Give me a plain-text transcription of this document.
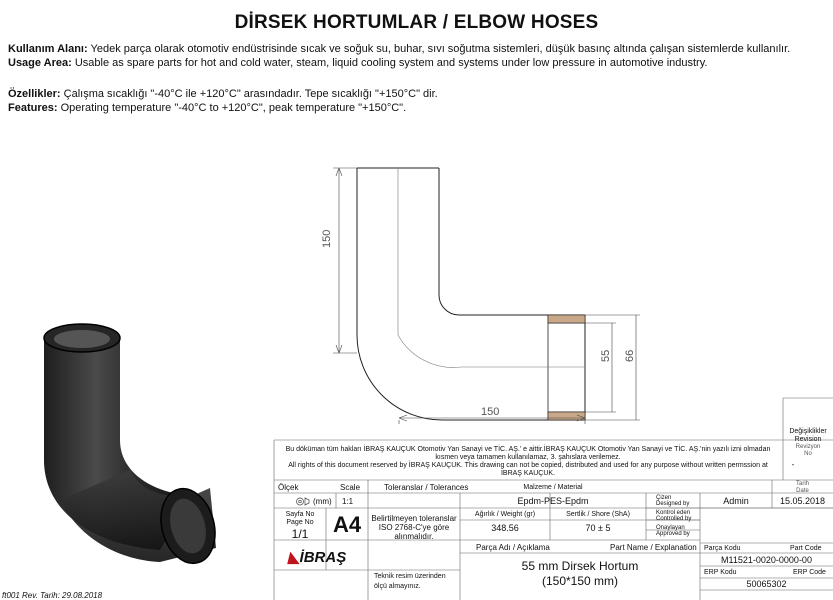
DİRSEK HORTUMLAR / ELBOW HOSES
Kullanım Alanı: Yedek parça olarak otomotiv endüstrisinde sıcak ve soğuk su, buhar, sıvı soğutma sistemleri, düşük basınç altında çalışan sistemlerde kullanılır.
Usage Area: Usable as spare parts for hot and cold water, steam, liquid cooling system and systems under low pressure in automotive industry.
Özellikler: Çalışma sıcaklığı "-40°C ile +120°C" arasındadır. Tepe sıcaklığı "+150°C" dir.
Features: Operating temperature "-40°C to +120°C", peak temperature "+150°C".
150
150
55 66
Değişiklikler
Revision
Revizyon
No
-
Bu döküman tüm hakları İBRAŞ KAUÇUK Otomotiv Yan Sanayi ve TİC. AŞ.' e aittir.İBRAŞ KAUÇUK Otomotiv Yan Sanayi ve TİC. AŞ.'nin yazılı izni olmadan kısmen veya tamamen kullanılamaz, 3. şahıslara verilemez.
All rights of this document reserved by İBRAŞ KAUÇUK. This drawing can not be copied, distributed and used for any purpose without written permssion at İBRAŞ KAUÇUK.
Ölçek	Scale
(mm) 1:1
Toleranslar / Tolerances
Belirtilmeyen toleranslar ISO 2768-C'ye göre alınmalıdır.
Sayfa No
Page No
1/1	A4
◣İBRAŞ
Teknik resim üzerinden ölçü almayınız.
Malzeme / Material
Epdm-PES-Epdm
Ağırlık / Weight (gr)	Sertlik / Shore (ShA)
348.56	70 ± 5
Çizen
Designed by	Admin	15.05.2018
Tarih
Date
Kontrol eden
Controlled by
Onaylayan
Approved by
Parça Adı / Açıklama	Part Name / Explanation
55 mm Dirsek Hortum
(150*150 mm)
Parça Kodu	Part Code
M11521-0020-0000-00
ERP Kodu	ERP Code
50065302
ft001 Rev. Tarih: 29.08.2018
